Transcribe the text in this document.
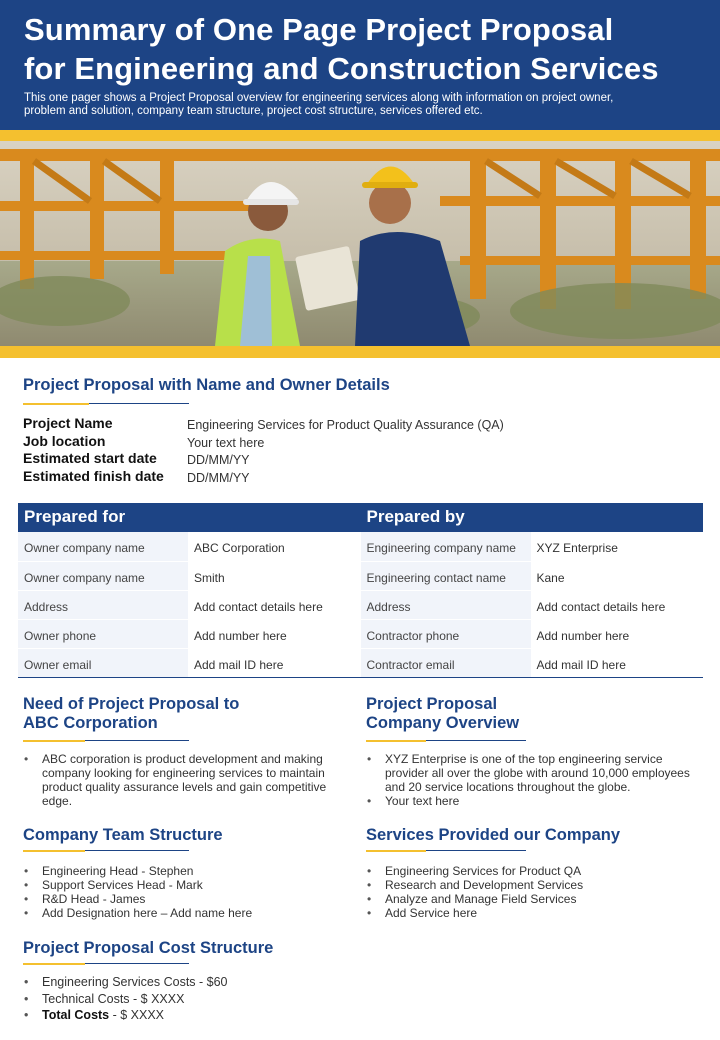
Summary of One Page Project Proposal
for Engineering and Construction Services

This one pager shows a Project Proposal overview for engineering services along with information on project owner,
problem and solution, company team structure, project cost structure, services offered etc.

Project Proposal with Name and Owner Details
Project Name	Engineering Services for Product Quality Assurance (QA)
Job location	Your text here
Estimated start date DD/MM/YY
Estimated finish date DD/MM/YY
Prepared for	Prepared by
Owner company name	ABC Corporation	Engineering company name	XYZ Enterprise
Owner company name	Smith	Engineering contact name	Kane
Address	Add contact details here	Address	Add contact details here
Owner phone	Add number here	Contractor phone	Add number here
Owner email	Add mail ID here	Contractor email	Add mail ID here
Need of Project Proposal to
ABC Corporation
• ABC corporation is product development and making company looking for engineering services to maintain product quality assurance levels and gain competitive edge.
Project Proposal
Company Overview
• XYZ Enterprise is one of the top engineering service provider all over the globe with around 10,000 employees and 20 service locations throughout the globe.
• Your text here
Company Team Structure
• Engineering Head - Stephen
• Support Services Head - Mark
• R&D Head - James
• Add Designation here – Add name here
Services Provided our Company
• Engineering Services for Product QA
• Research and Development Services
• Analyze and Manage Field Services
• Add Service here
Project Proposal Cost Structure
• Engineering Services Costs - $60
• Technical Costs - $ XXXX
• Total Costs - $ XXXX
